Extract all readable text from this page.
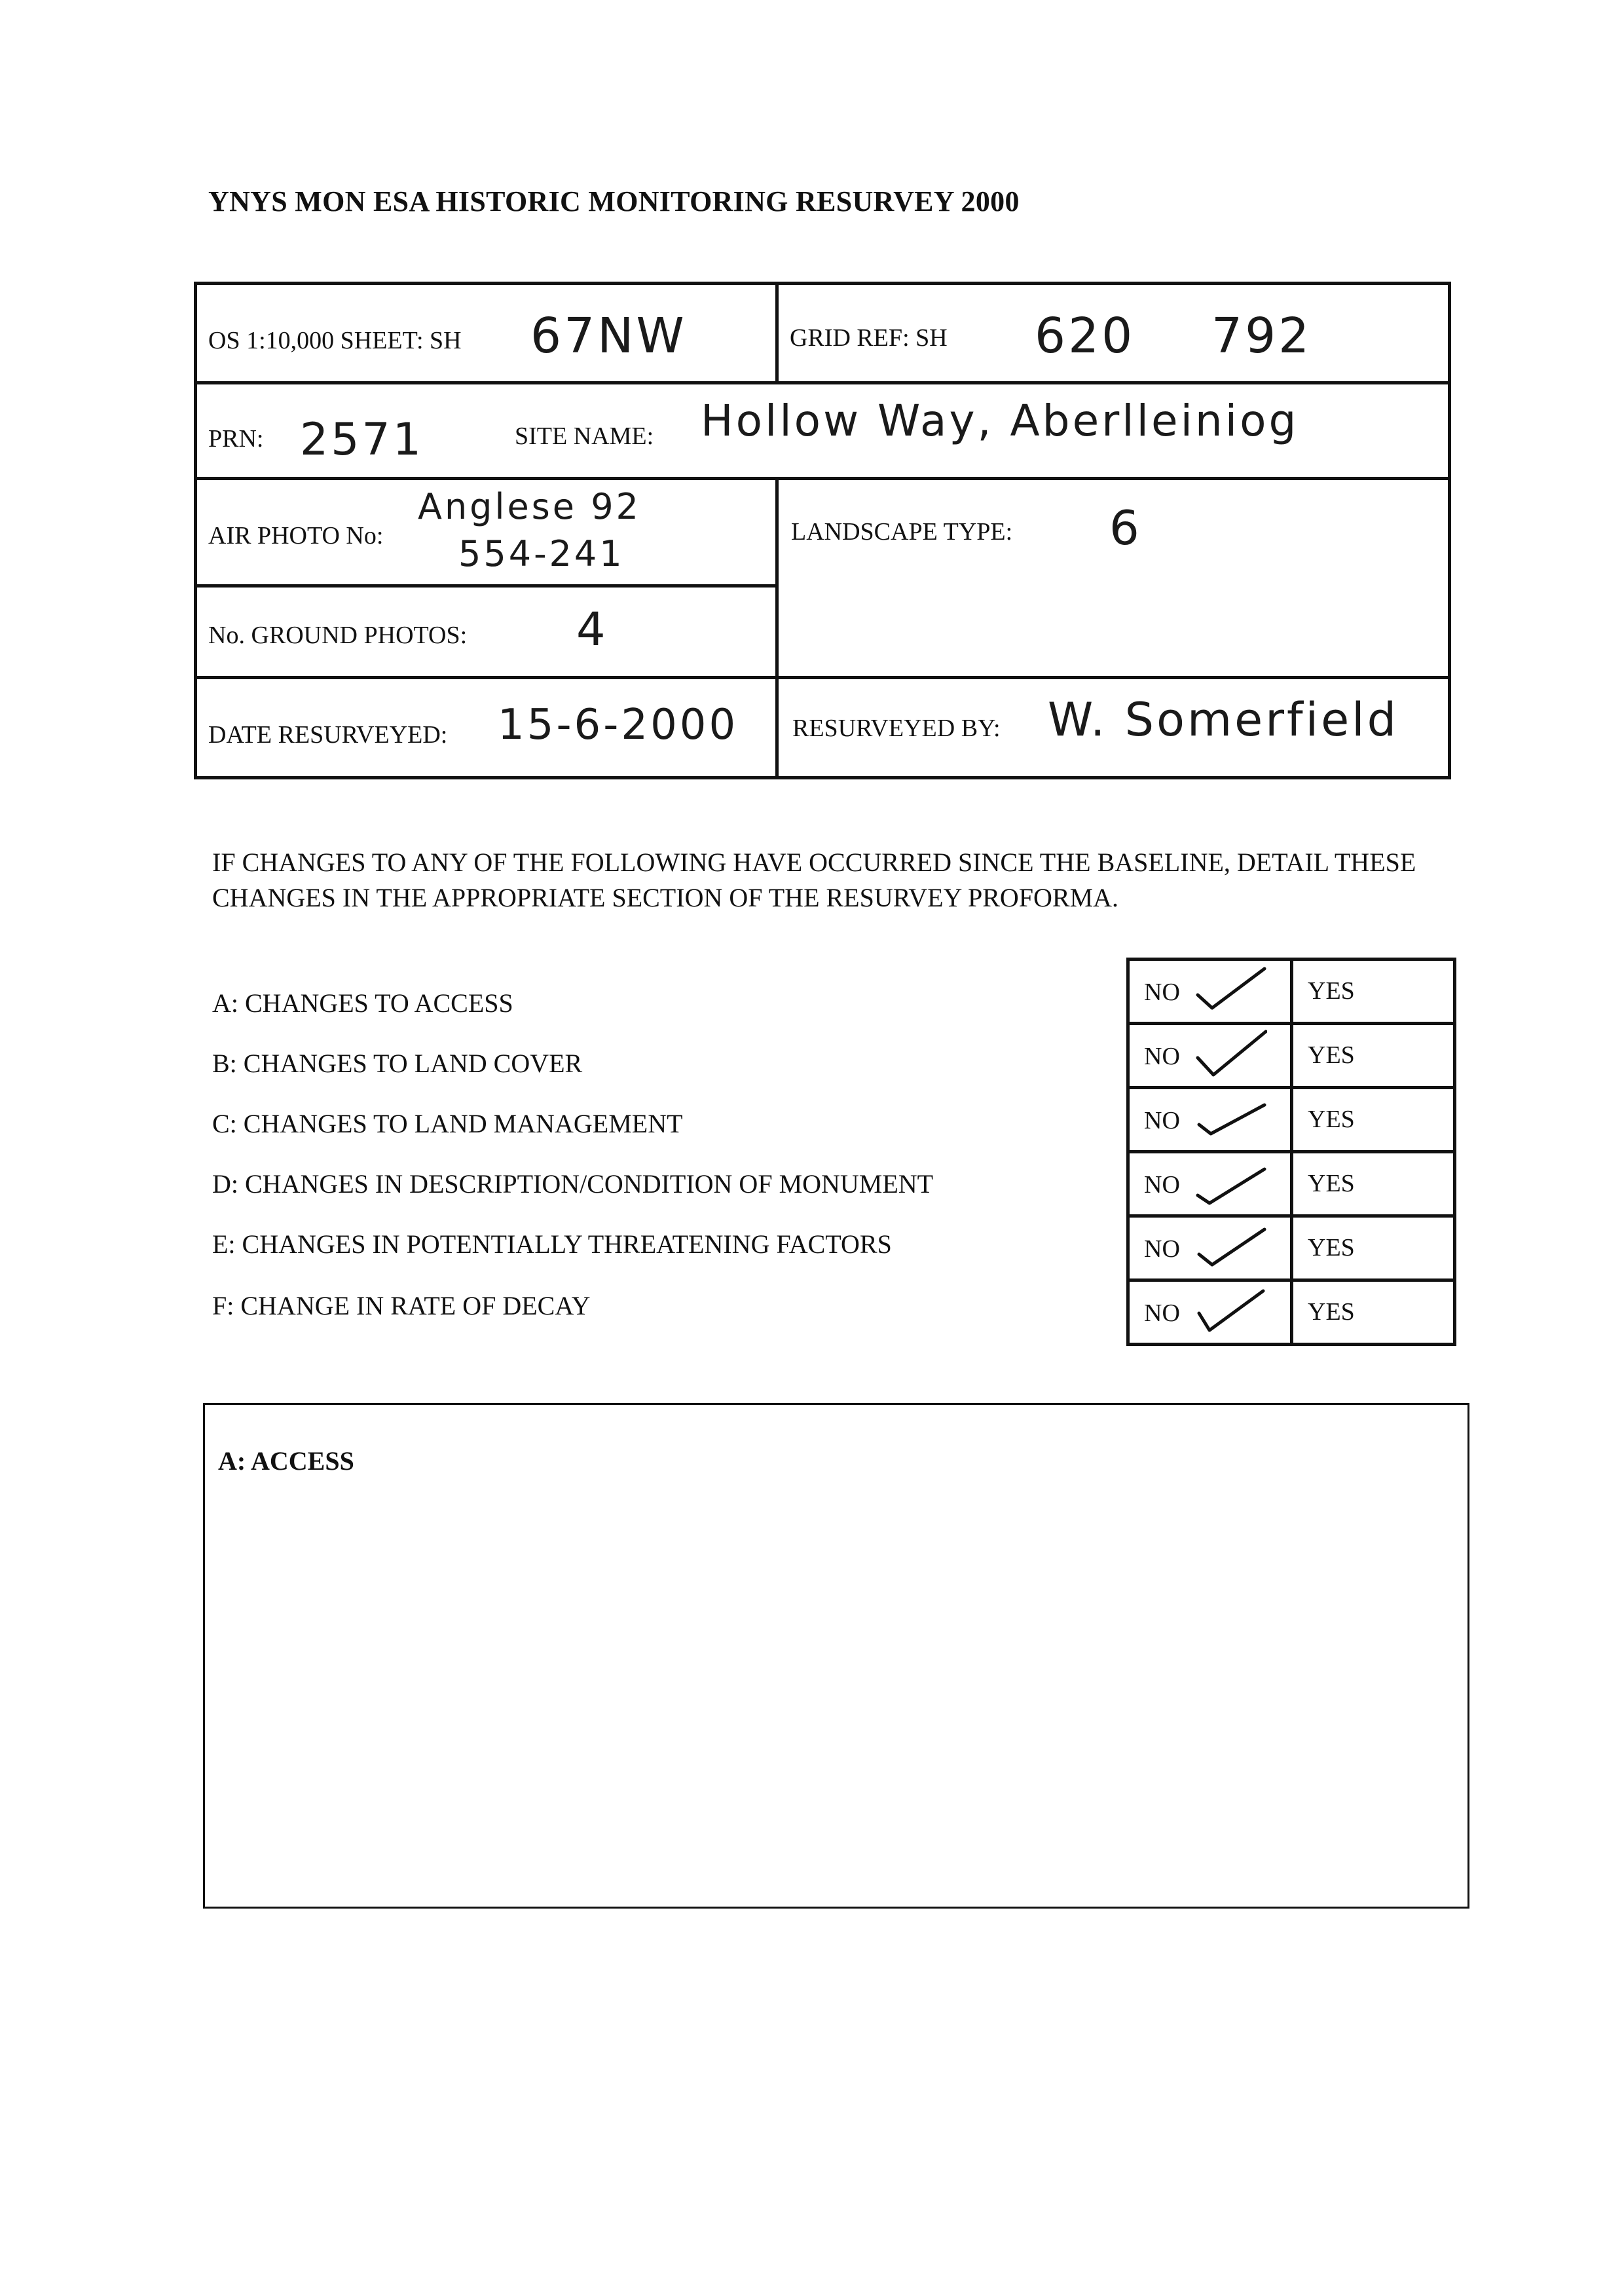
YNYS MON ESA HISTORIC MONITORING RESURVEY 2000
OS 1:10,000 SHEET: SH 67NW	GRID REF: SH 620 792
PRN: 2571	SITE NAME: Hollow Way, Aberlleiniog
AIR PHOTO No:
Anglese 92
554-241
LANDSCAPE TYPE: 6
No. GROUND PHOTOS: 4
DATE RESURVEYED: 15-6-2000 RESURVEYED BY: W. Somerfield
IF CHANGES TO ANY OF THE FOLLOWING HAVE OCCURRED SINCE THE BASELINE, DETAIL THESE CHANGES IN THE APPROPRIATE SECTION OF THE RESURVEY PROFORMA.
A: CHANGES TO ACCESS
B: CHANGES TO LAND COVER
C: CHANGES TO LAND MANAGEMENT
D: CHANGES IN DESCRIPTION/CONDITION OF MONUMENT
E: CHANGES IN POTENTIALLY THREATENING FACTORS
F: CHANGE IN RATE OF DECAY
NO	YES
NO	YES
NO	YES
NO	YES
NO	YES
NO	YES
A: ACCESS
